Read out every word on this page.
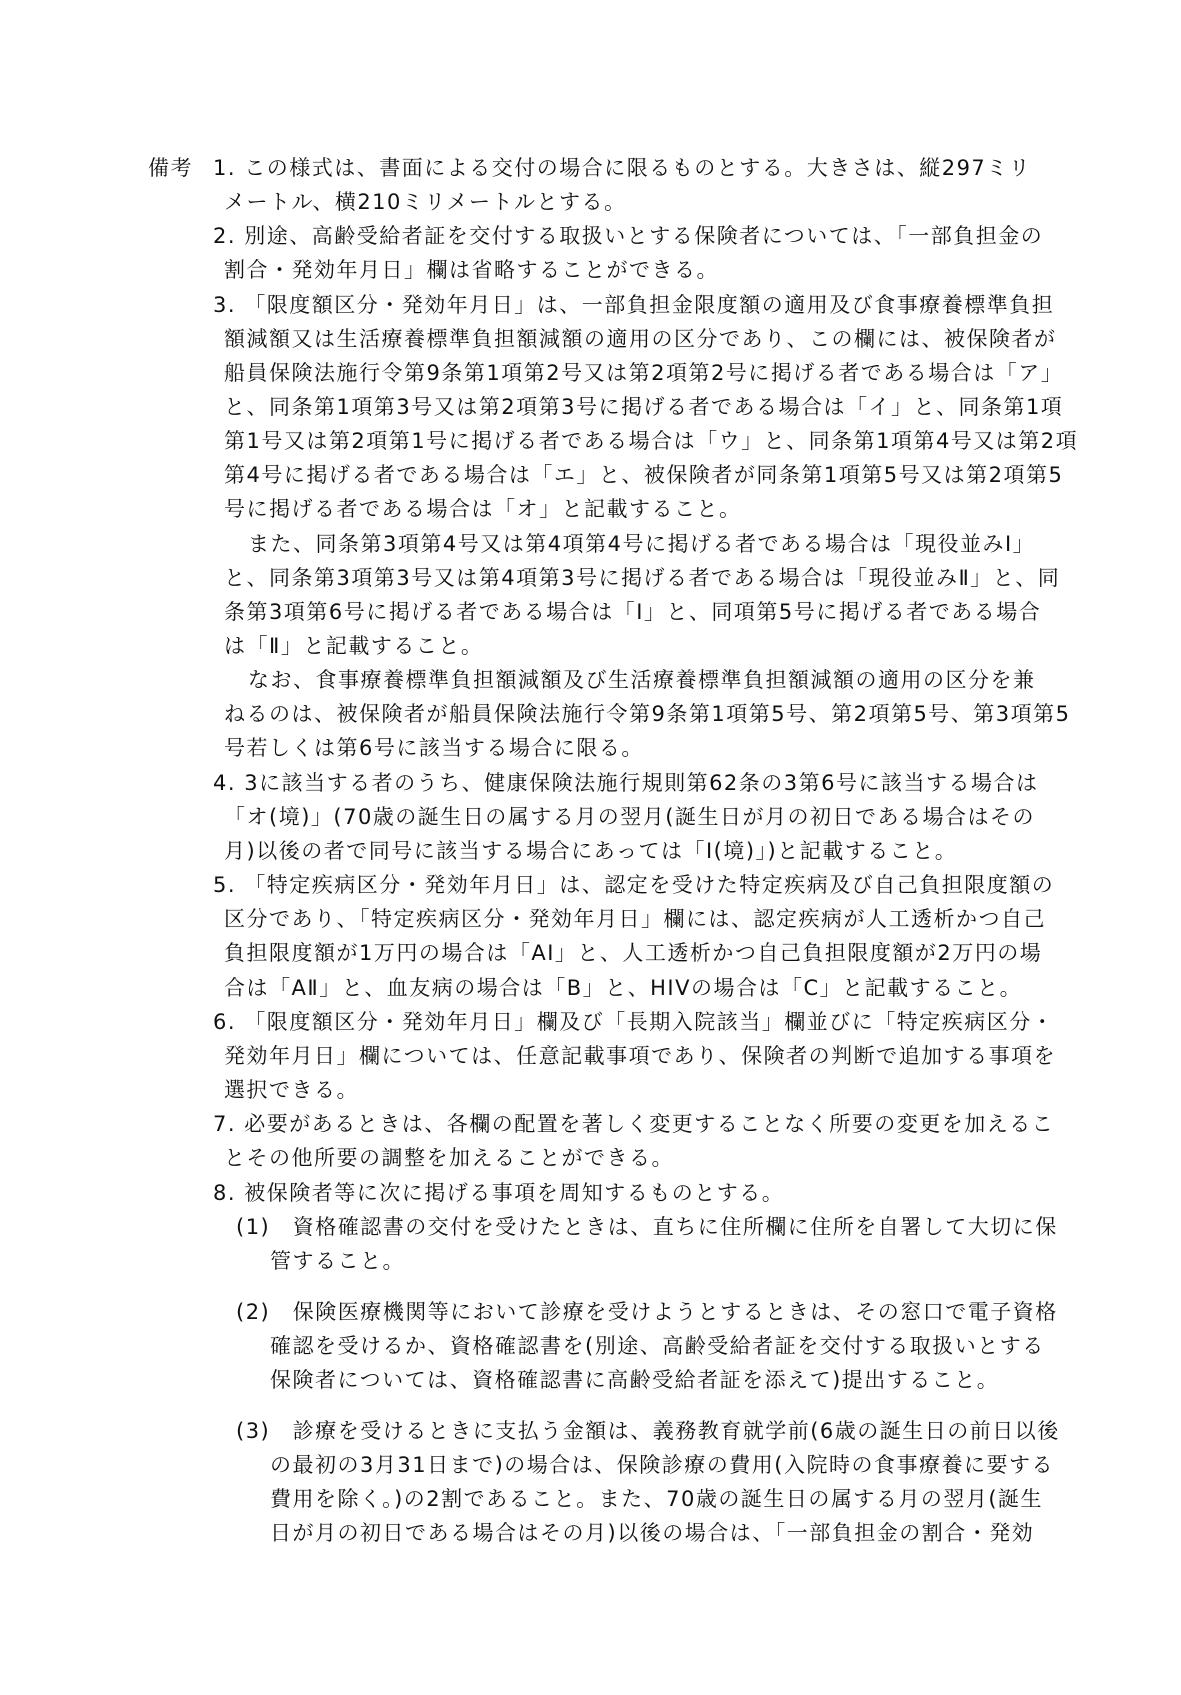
備考 1. この様式は、書面による交付の場合に限るものとする。大きさは、縦297ミリ
メートル、横210ミリメートルとする。
2. 別途、高齢受給者証を交付する取扱いとする保険者については、「一部負担金の
割合・発効年月日」欄は省略することができる。
3. 「限度額区分・発効年月日」は、一部負担金限度額の適用及び食事療養標準負担
額減額又は生活療養標準負担額減額の適用の区分であり、この欄には、被保険者が
船員保険法施行令第9条第1項第2号又は第2項第2号に掲げる者である場合は「ア」
と、同条第1項第3号又は第2項第3号に掲げる者である場合は「イ」と、同条第1項
第1号又は第2項第1号に掲げる者である場合は「ウ」と、同条第1項第4号又は第2項
第4号に掲げる者である場合は「エ」と、被保険者が同条第1項第5号又は第2項第5
号に掲げる者である場合は「オ」と記載すること。
また、同条第3項第4号又は第4項第4号に掲げる者である場合は「現役並みⅠ」
と、同条第3項第3号又は第4項第3号に掲げる者である場合は「現役並みⅡ」と、同
条第3項第6号に掲げる者である場合は「Ⅰ」と、同項第5号に掲げる者である場合
は「Ⅱ」と記載すること。
なお、食事療養標準負担額減額及び生活療養標準負担額減額の適用の区分を兼
ねるのは、被保険者が船員保険法施行令第9条第1項第5号、第2項第5号、第3項第5
号若しくは第6号に該当する場合に限る。
4. 3に該当する者のうち、健康保険法施行規則第62条の3第6号に該当する場合は
「オ(境)」(70歳の誕生日の属する月の翌月(誕生日が月の初日である場合はその
月)以後の者で同号に該当する場合にあっては「Ⅰ(境)」)と記載すること。
5. 「特定疾病区分・発効年月日」は、認定を受けた特定疾病及び自己負担限度額の
区分であり、「特定疾病区分・発効年月日」欄には、認定疾病が人工透析かつ自己
負担限度額が1万円の場合は「AⅠ」と、人工透析かつ自己負担限度額が2万円の場
合は「AⅡ」と、血友病の場合は「B」と、HIVの場合は「C」と記載すること。
6. 「限度額区分・発効年月日」欄及び「長期入院該当」欄並びに「特定疾病区分・
発効年月日」欄については、任意記載事項であり、保険者の判断で追加する事項を
選択できる。
7. 必要があるときは、各欄の配置を著しく変更することなく所要の変更を加えるこ
とその他所要の調整を加えることができる。
8. 被保険者等に次に掲げる事項を周知するものとする。
(1)　資格確認書の交付を受けたときは、直ちに住所欄に住所を自署して大切に保
管すること。
(2)　保険医療機関等において診療を受けようとするときは、その窓口で電子資格
確認を受けるか、資格確認書を(別途、高齢受給者証を交付する取扱いとする
保険者については、資格確認書に高齢受給者証を添えて)提出すること。
(3)　診療を受けるときに支払う金額は、義務教育就学前(6歳の誕生日の前日以後
の最初の3月31日まで)の場合は、保険診療の費用(入院時の食事療養に要する
費用を除く。)の2割であること。また、70歳の誕生日の属する月の翌月(誕生
日が月の初日である場合はその月)以後の場合は、「一部負担金の割合・発効
